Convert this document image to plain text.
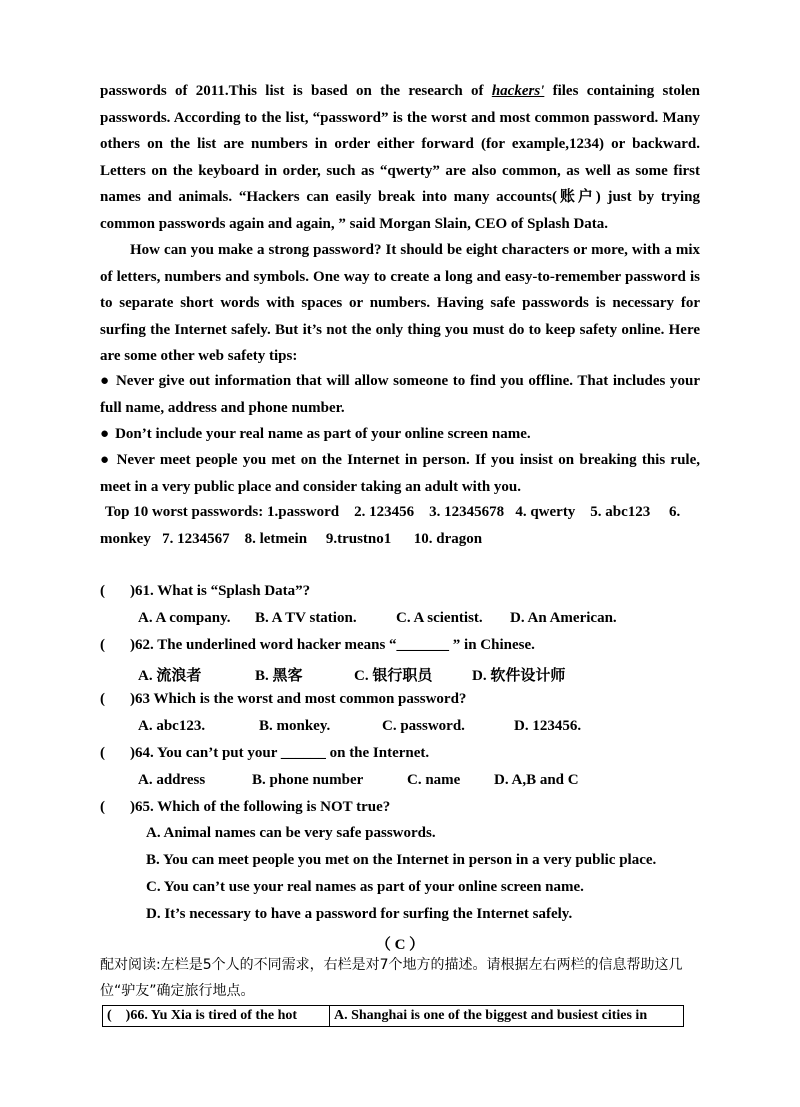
passwords of 2011.This list is based on the research of hackers' files containing stolen passwords. According to the list, “password” is the worst and most common password. Many others on the list are numbers in order either forward (for example,1234) or backward. Letters on the keyboard in order, such as “qwerty” are also common, as well as some first names and animals. “Hackers can easily break into many accounts(账户) just by trying common passwords again and again, ” said Morgan Slain, CEO of Splash Data.

How can you make a strong password? It should be eight characters or more, with a mix of letters, numbers and symbols. One way to create a long and easy-to-remember password is to separate short words with spaces or numbers. Having safe passwords is necessary for surfing the Internet safely. But it’s not the only thing you must do to keep safety online. Here are some other web safety tips:

● Never give out information that will allow someone to find you offline. That includes your full name, address and phone number.

● Don’t include your real name as part of your online screen name.

● Never meet people you met on the Internet in person. If you insist on breaking this rule, meet in a very public place and consider taking an adult with you.

Top 10 worst passwords: 1.password    2. 123456    3. 12345678   4. qwerty    5. abc123     6.
monkey   7. 1234567    8. letmein     9.trustno1      10. dragon
( )61. What is “Splash Data”?
A. A company. B. A TV station.	C. A scientist. D. An American.
( )62. The underlined word hacker means “_______ ” in Chinese.
A. 流浪者	B. 黑客	C. 银行职员	D. 软件设计师
( )63 Which is the worst and most common password?
A. abc123.	B. monkey.	C. password.	D. 123456.
( )64. You can’t put your ______ on the Internet.
A. address	B. phone number	C. name D. A,B and C
( )65. Which of the following is NOT true?
A. Animal names can be very safe passwords.
B. You can meet people you met on the Internet in person in a very public place.
C. You can’t use your real names as part of your online screen name.
D. It’s necessary to have a password for surfing the Internet safely.
（ C ）
配对阅读:左栏是5个人的不同需求，右栏是对7个地方的描述。请根据左右两栏的信息帮助这几位“驴友”确定旅行地点。
(    )66. Yu Xia is tired of the hot	A. Shanghai is one of the biggest and busiest cities in
